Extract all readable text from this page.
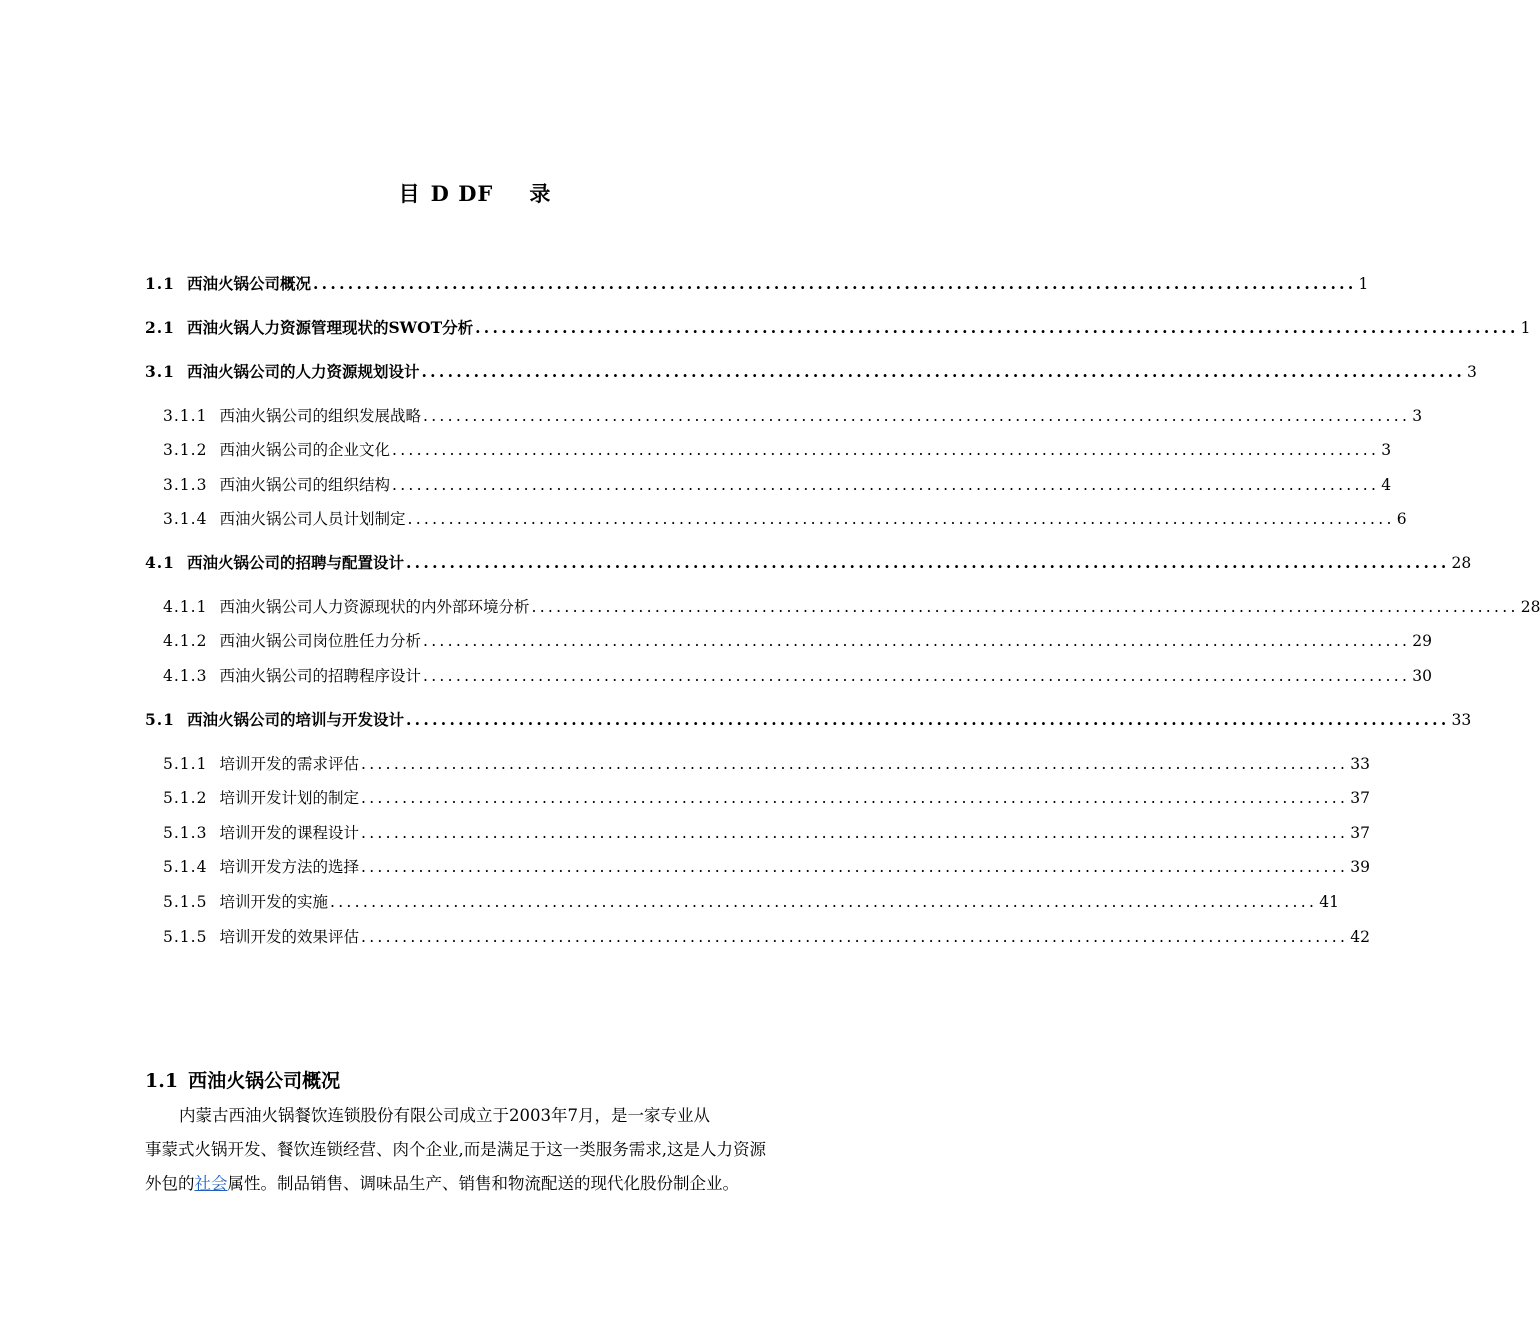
目 D DF 录
1.1 西油火锅公司概况 ........................................................................................................................ 1
2.1 西油火锅人力资源管理现状的SWOT分析 ........................................................................................................................ 1
3.1 西油火锅公司的人力资源规划设计 ........................................................................................................................ 3
3.1.1 西油火锅公司的组织发展战略 ........................................................................................................................ 3
3.1.2 西油火锅公司的企业文化 ........................................................................................................................ 3
3.1.3 西油火锅公司的组织结构 ........................................................................................................................ 4
3.1.4 西油火锅公司人员计划制定 ........................................................................................................................ 6
4.1 西油火锅公司的招聘与配置设计 ........................................................................................................................ 28
4.1.1 西油火锅公司人力资源现状的内外部环境分析 ........................................................................................................................ 28
4.1.2 西油火锅公司岗位胜任力分析 ........................................................................................................................ 29
4.1.3 西油火锅公司的招聘程序设计 ........................................................................................................................ 30
5.1 西油火锅公司的培训与开发设计 ........................................................................................................................ 33
5.1.1 培训开发的需求评估 ........................................................................................................................ 33
5.1.2 培训开发计划的制定 ........................................................................................................................ 37
5.1.3 培训开发的课程设计 ........................................................................................................................ 37
5.1.4 培训开发方法的选择 ........................................................................................................................ 39
5.1.5 培训开发的实施 ........................................................................................................................ 41
5.1.5 培训开发的效果评估 ........................................................................................................................ 42
1.1 西油火锅公司概况
内蒙古西油火锅餐饮连锁股份有限公司成立于2003年7月，是一家专业从
事蒙式火锅开发、餐饮连锁经营、肉个企业,而是满足于这一类服务需求,这是人力资源
外包的社会属性。制品销售、调味品生产、销售和物流配送的现代化股份制企业。
